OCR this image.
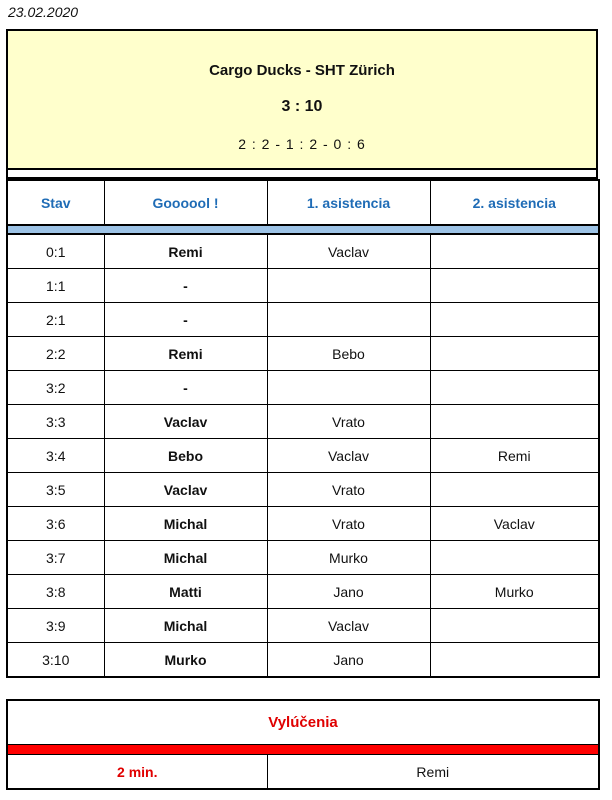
23.02.2020
Cargo Ducks - SHT Zürich
3 : 10
2 : 2 - 1 : 2 - 0 : 6
Stav	Goooool !	1. asistencia	2. asistencia

0:1	Remi	Vaclav	
1:1	-		
2:1	-		
2:2	Remi	Bebo	
3:2	-		
3:3	Vaclav	Vrato	
3:4	Bebo	Vaclav	Remi
3:5	Vaclav	Vrato	
3:6	Michal	Vrato	Vaclav
3:7	Michal	Murko	
3:8	Matti	Jano	Murko
3:9	Michal	Vaclav	
3:10	Murko	Jano	
Vylúčenia

2 min.	Remi
